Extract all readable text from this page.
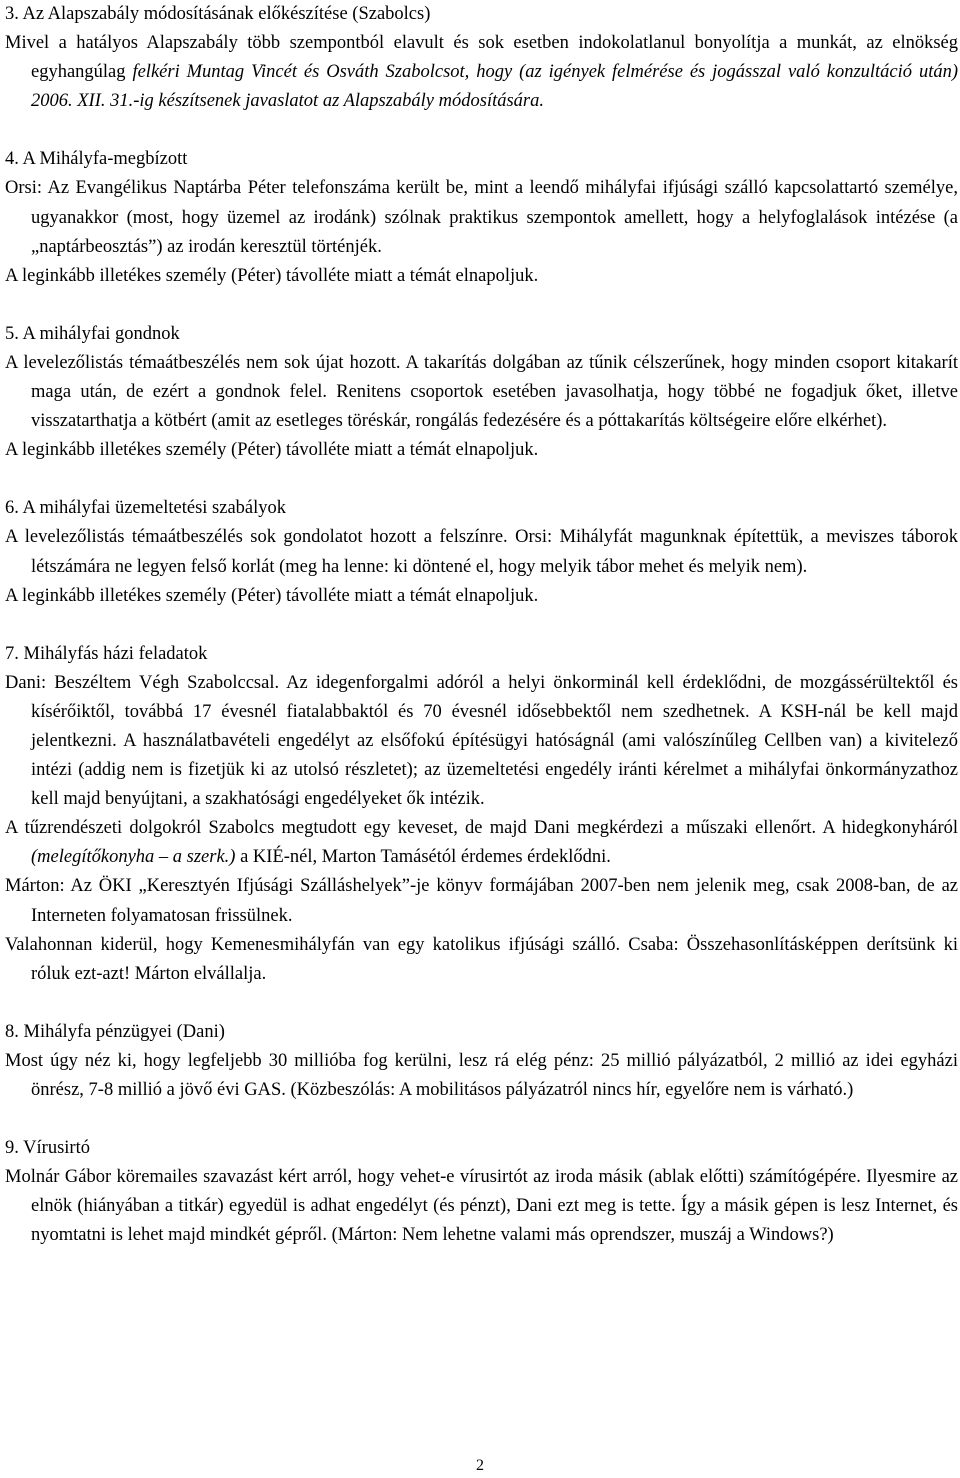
3. Az Alapszabály módosításának előkészítése (Szabolcs)

Mivel a hatályos Alapszabály több szempontból elavult és sok esetben indokolatlanul bonyolítja a munkát, az elnökség egyhangúlag felkéri Muntag Vincét és Osváth Szabolcsot, hogy (az igények felmérése és jogásszal való konzultáció után) 2006. XII. 31.-ig készítsenek javaslatot az Alapszabály módosítására.

4. A Mihályfa-megbízott

Orsi: Az Evangélikus Naptárba Péter telefonszáma került be, mint a leendő mihályfai ifjúsági szálló kapcsolattartó személye, ugyanakkor (most, hogy üzemel az irodánk) szólnak praktikus szempontok amellett, hogy a helyfoglalások intézése (a „naptárbeosztás”) az irodán keresztül történjék.

A leginkább illetékes személy (Péter) távolléte miatt a témát elnapoljuk.

5. A mihályfai gondnok

A levelezőlistás témaátbeszélés nem sok újat hozott. A takarítás dolgában az tűnik célszerűnek, hogy minden csoport kitakarít maga után, de ezért a gondnok felel. Renitens csoportok esetében javasolhatja, hogy többé ne fogadjuk őket, illetve visszatarthatja a kötbért (amit az esetleges töréskár, rongálás fedezésére és a póttakarítás költségeire előre elkérhet).

A leginkább illetékes személy (Péter) távolléte miatt a témát elnapoljuk.

6. A mihályfai üzemeltetési szabályok

A levelezőlistás témaátbeszélés sok gondolatot hozott a felszínre. Orsi: Mihályfát magunknak építettük, a meviszes táborok létszámára ne legyen felső korlát (meg ha lenne: ki döntené el, hogy melyik tábor mehet és melyik nem).

A leginkább illetékes személy (Péter) távolléte miatt a témát elnapoljuk.

7. Mihályfás házi feladatok

Dani: Beszéltem Végh Szabolccsal. Az idegenforgalmi adóról a helyi önkorminál kell érdeklődni, de mozgássérültektől és kísérőiktől, továbbá 17 évesnél fiatalabbaktól és 70 évesnél idősebbektől nem szedhetnek. A KSH-nál be kell majd jelentkezni. A használatbavételi engedélyt az elsőfokú építésügyi hatóságnál (ami valószínűleg Cellben van) a kivitelező intézi (addig nem is fizetjük ki az utolsó részletet); az üzemeltetési engedély iránti kérelmet a mihályfai önkormányzathoz kell majd benyújtani, a szakhatósági engedélyeket ők intézik.

A tűzrendészeti dolgokról Szabolcs megtudott egy keveset, de majd Dani megkérdezi a műszaki ellenőrt. A hidegkonyháról (melegítőkonyha – a szerk.) a KIÉ-nél, Marton Tamásétól érdemes érdeklődni.

Márton: Az ÖKI „Keresztyén Ifjúsági Szálláshelyek”-je könyv formájában 2007-ben nem jelenik meg, csak 2008-ban, de az Interneten folyamatosan frissülnek.

Valahonnan kiderül, hogy Kemenesmihályfán van egy katolikus ifjúsági szálló. Csaba: Összehasonlításképpen derítsünk ki róluk ezt-azt! Márton elvállalja.

8. Mihályfa pénzügyei (Dani)

Most úgy néz ki, hogy legfeljebb 30 millióba fog kerülni, lesz rá elég pénz: 25 millió pályázatból, 2 millió az idei egyházi önrész, 7-8 millió a jövő évi GAS. (Közbeszólás: A mobilitásos pályázatról nincs hír, egyelőre nem is várható.)

9. Vírusirtó

Molnár Gábor köremailes szavazást kért arról, hogy vehet-e vírusirtót az iroda másik (ablak előtti) számítógépére. Ilyesmire az elnök (hiányában a titkár) egyedül is adhat engedélyt (és pénzt), Dani ezt meg is tette. Így a másik gépen is lesz Internet, és nyomtatni is lehet majd mindkét gépről. (Márton: Nem lehetne valami más oprendszer, muszáj a Windows?)

2
